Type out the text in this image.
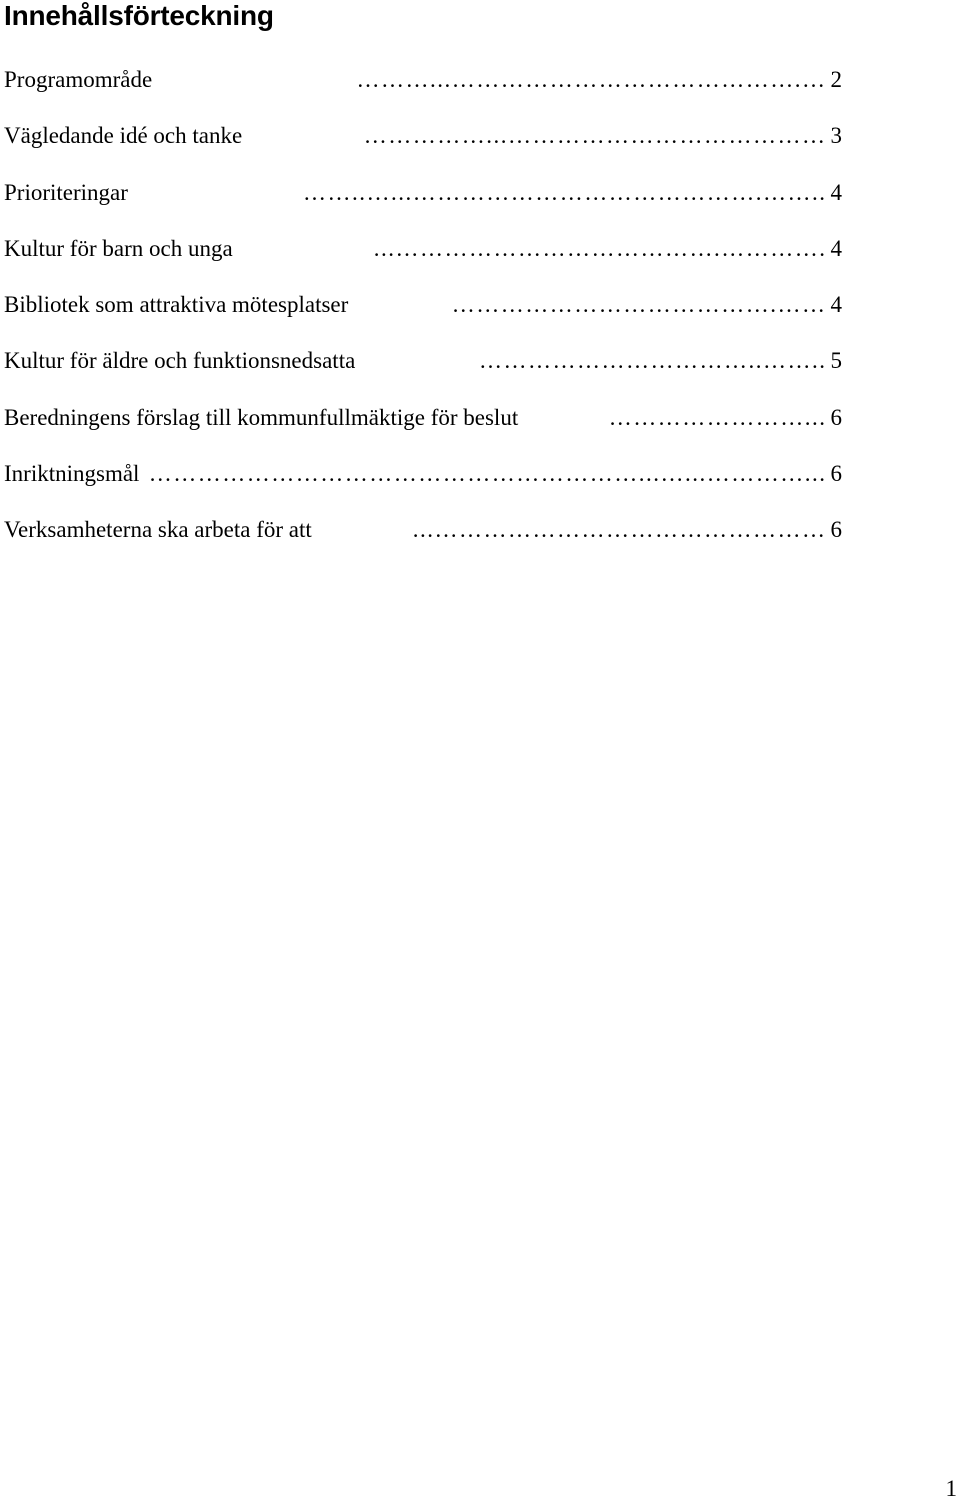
Innehållsförteckning
Programområde	………...…………………………………….… 2
Vägledande idé och tanke	……………...………………………………… 3
Prioriteringar	……..…...…………………………………….…….. 4
Kultur för barn och unga	...………………………………….…………. 4
Bibliotek som attraktiva mötesplatser	………………………………….…… 4
Kultur för äldre och funktionsnedsatta	……………………………..…….. 5
Beredningens förslag till kommunfullmäktige för beslut	……………………... 6
Inriktningsmål ……………………………………………………...…...…………... 6
Verksamheterna ska arbeta för att	...………………………………………… 6
1
